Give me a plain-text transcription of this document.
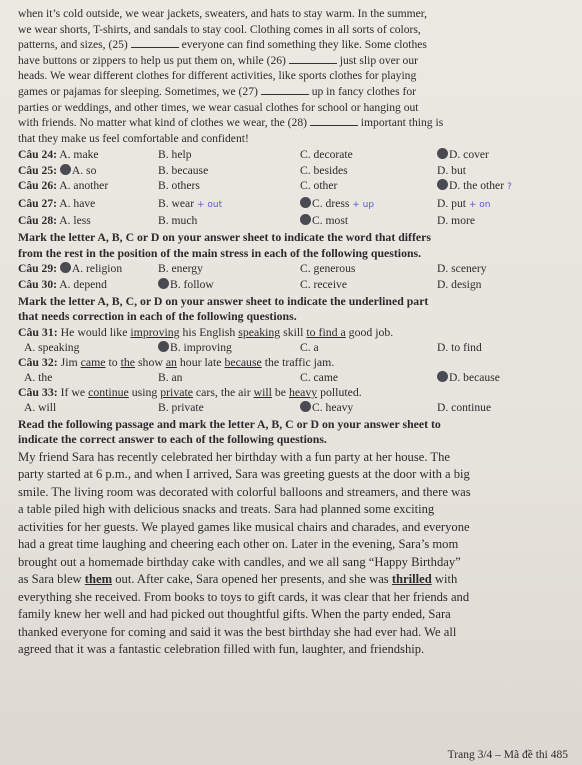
when it’s cold outside, we wear jackets, sweaters, and hats to stay warm. In the summer,

we wear shorts, T-shirts, and sandals to stay cool. Clothing comes in all sorts of colors,

patterns, and sizes, (25)	everyone can find something they like. Some clothes

have buttons or zippers to help us put them on, while (26)	just slip over our

heads. We wear different clothes for different activities, like sports clothes for playing

games or pajamas for sleeping. Sometimes, we (27)	up in fancy clothes for

parties or weddings, and other times, we wear casual clothes for school or hanging out

with friends. No matter what kind of clothes we wear, the (28)	important thing is

that they make us feel comfortable and confident!

Câu 24: A. make	B. help	C. decorate	D. cover
Câu 25: A. so	B. because	C. besides	D. but
Câu 26: A. another	B. others	C. other	D. the other ?
Câu 27: A. have	B. wear + out	C. dress + up	D. put + on
Câu 28: A. less	B. much	C. most	D. more

Mark the letter A, B, C or D on your answer sheet to indicate the word that differs

from the rest in the position of the main stress in each of the following questions.

Câu 29: A. religion	B. energy	C. generous	D. scenery
Câu 30: A. depend	B. follow	C. receive	D. design

Mark the letter A, B, C, or D on your answer sheet to indicate the underlined part

that needs correction in each of the following questions.

Câu 31: He would like improving his English speaking skill to find a good job.

A. speaking	B. improving	C. a	D. to find

Câu 32: Jim came to the show an hour late because the traffic jam.

A. the	B. an	C. came	D. because

Câu 33: If we continue using private cars, the air will be heavy polluted.

A. will	B. private	C. heavy	D. continue

Read the following passage and mark the letter A, B, C or D on your answer sheet to

indicate the correct answer to each of the following questions.

My friend Sara has recently celebrated her birthday with a fun party at her house. The

party started at 6 p.m., and when I arrived, Sara was greeting guests at the door with a big

smile. The living room was decorated with colorful balloons and streamers, and there was

a table piled high with delicious snacks and treats. Sara had planned some exciting

activities for her guests. We played games like musical chairs and charades, and everyone

had a great time laughing and cheering each other on. Later in the evening, Sara’s mom

brought out a homemade birthday cake with candles, and we all sang “Happy Birthday”

as Sara blew them out. After cake, Sara opened her presents, and she was thrilled with

everything she received. From books to toys to gift cards, it was clear that her friends and

family knew her well and had picked out thoughtful gifts. When the party ended, Sara

thanked everyone for coming and said it was the best birthday she had ever had. We all

agreed that it was a fantastic celebration filled with fun, laughter, and friendship.

Trang 3/4 – Mã đề thi 485
